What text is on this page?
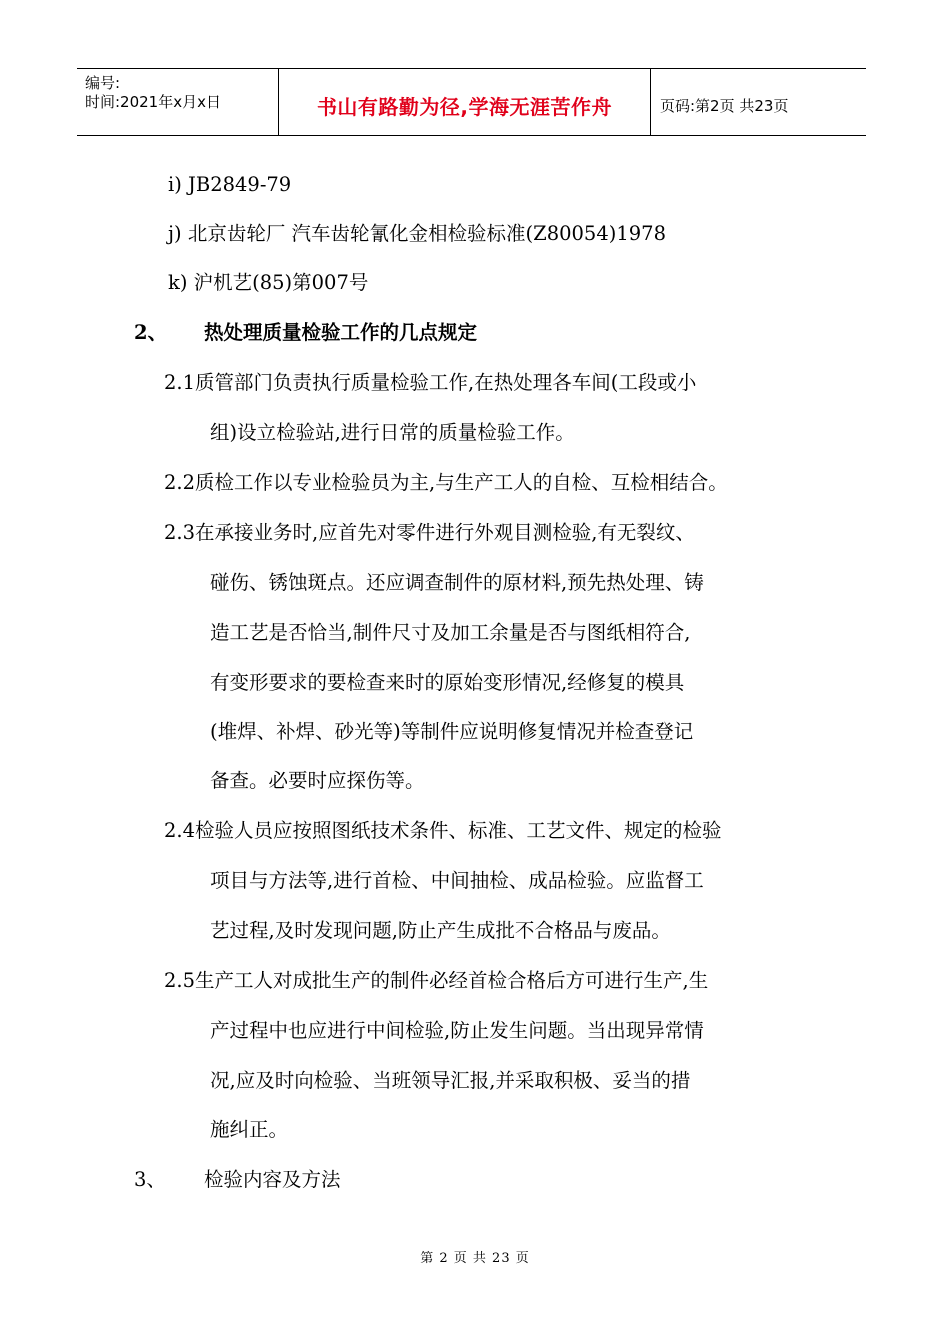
编号:
时间:2021年x月x日	书山有路勤为径,学海无涯苦作舟	页码:第2页 共23页
i) JB2849-79
j) 北京齿轮厂 汽车齿轮氰化金相检验标准(Z80054)1978
k) 沪机艺(85)第007号
2、 热处理质量检验工作的几点规定
2.1质管部门负责执行质量检验工作,在热处理各车间(工段或小
组)设立检验站,进行日常的质量检验工作。
2.2质检工作以专业检验员为主,与生产工人的自检、互检相结合。
2.3在承接业务时,应首先对零件进行外观目测检验,有无裂纹、
碰伤、锈蚀斑点。还应调查制件的原材料,预先热处理、铸
造工艺是否恰当,制件尺寸及加工余量是否与图纸相符合,
有变形要求的要检查来时的原始变形情况,经修复的模具
(堆焊、补焊、砂光等)等制件应说明修复情况并检查登记
备查。必要时应探伤等。
2.4检验人员应按照图纸技术条件、标准、工艺文件、规定的检验
项目与方法等,进行首检、中间抽检、成品检验。应监督工
艺过程,及时发现问题,防止产生成批不合格品与废品。
2.5生产工人对成批生产的制件必经首检合格后方可进行生产,生
产过程中也应进行中间检验,防止发生问题。当出现异常情
况,应及时向检验、当班领导汇报,并采取积极、妥当的措
施纠正。
3、 检验内容及方法
第 2 页 共 23 页
